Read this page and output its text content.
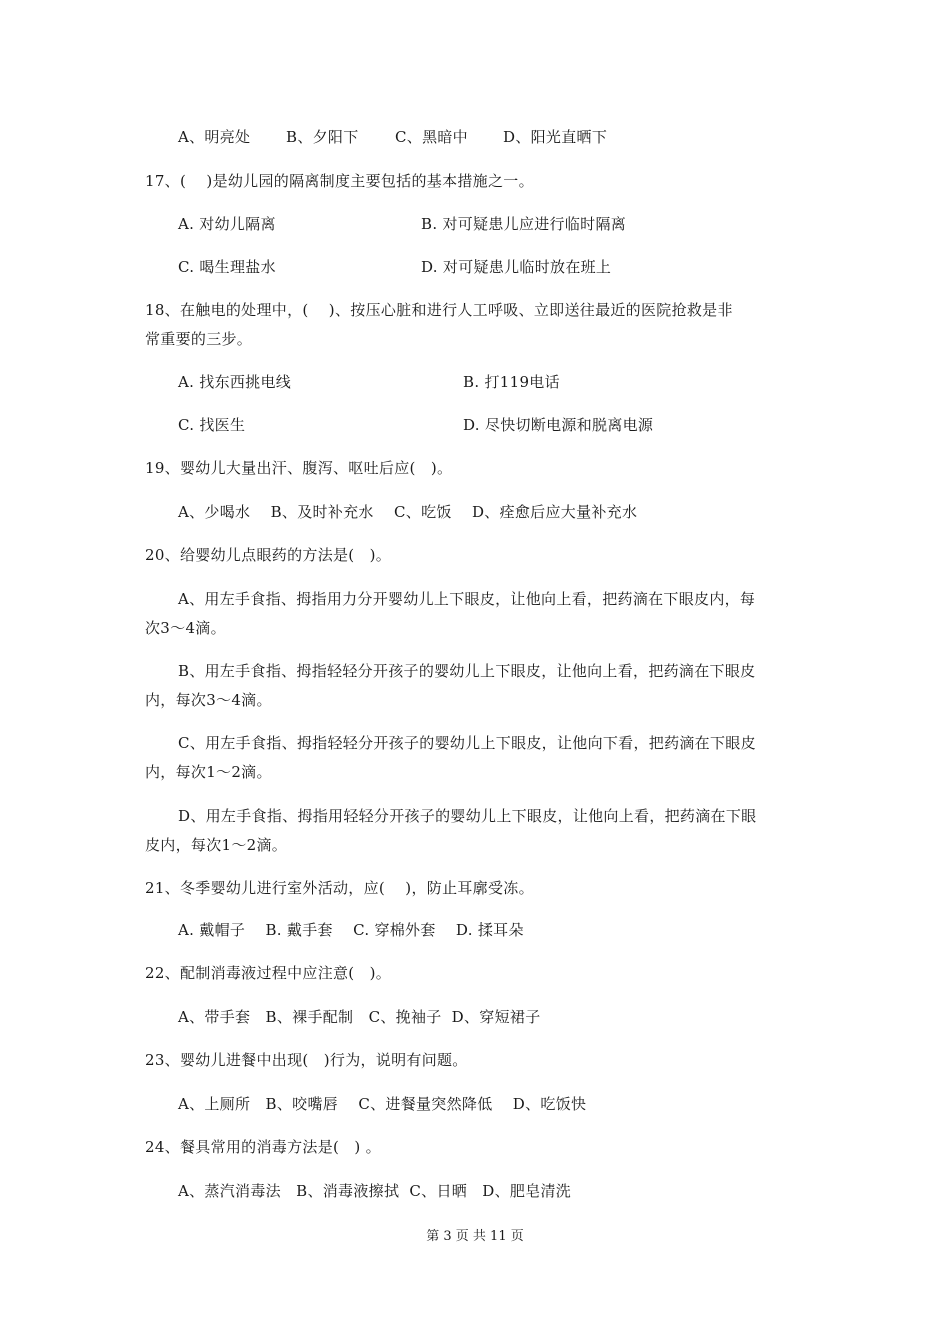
A、明亮处 B、夕阳下 C、黑暗中 D、阳光直晒下
17、(    )是幼儿园的隔离制度主要包括的基本措施之一。
A. 对幼儿隔离	B. 对可疑患儿应进行临时隔离
C. 喝生理盐水	D. 对可疑患儿临时放在班上
18、在触电的处理中，(    )、按压心脏和进行人工呼吸、立即送往最近的医院抢救是非
常重要的三步。
A. 找东西挑电线	B. 打119电话
C. 找医生	D. 尽快切断电源和脱离电源
19、婴幼儿大量出汗、腹泻、呕吐后应(   )。
A、少喝水    B、及时补充水    C、吃饭    D、痊愈后应大量补充水
20、给婴幼儿点眼药的方法是(   )。
A、用左手食指、拇指用力分开婴幼儿上下眼皮，让他向上看，把药滴在下眼皮内，每
次3～4滴。
B、用左手食指、拇指轻轻分开孩子的婴幼儿上下眼皮，让他向上看，把药滴在下眼皮
内，每次3～4滴。
C、用左手食指、拇指轻轻分开孩子的婴幼儿上下眼皮，让他向下看，把药滴在下眼皮
内，每次1～2滴。
D、用左手食指、拇指用轻轻分开孩子的婴幼儿上下眼皮，让他向上看，把药滴在下眼
皮内，每次1～2滴。
21、冬季婴幼儿进行室外活动，应(    )，防止耳廓受冻。
A. 戴帽子    B. 戴手套    C. 穿棉外套    D. 揉耳朵
22、配制消毒液过程中应注意(   )。
A、带手套   B、裸手配制   C、挽袖子  D、穿短裙子
23、婴幼儿进餐中出现(   )行为，说明有问题。
A、上厕所   B、咬嘴唇    C、进餐量突然降低    D、吃饭快
24、餐具常用的消毒方法是(   ) 。
A、蒸汽消毒法   B、消毒液擦拭  C、日晒   D、肥皂清洗
第 3 页 共 11 页
